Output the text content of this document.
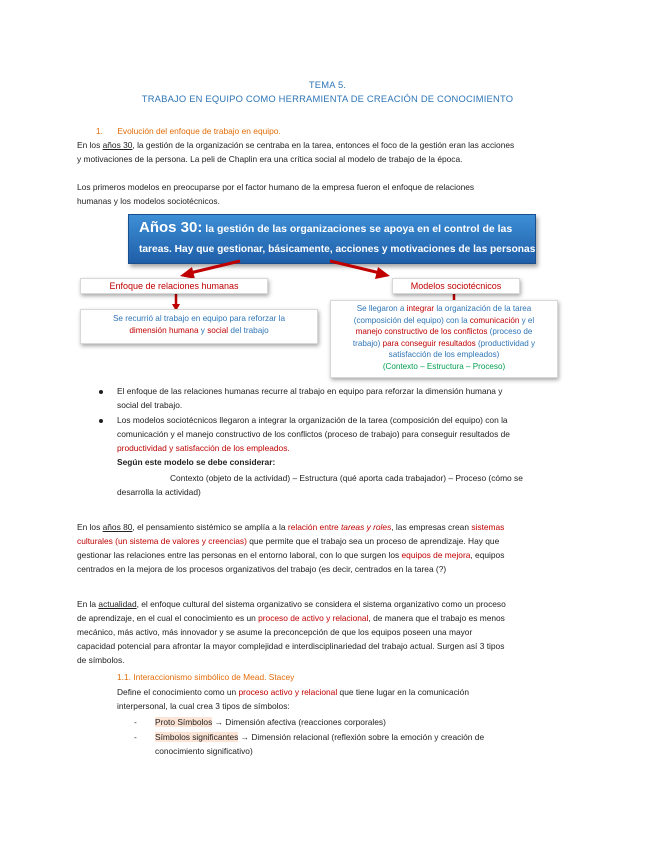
TEMA 5.
TRABAJO EN EQUIPO COMO HERRAMIENTA DE CREACIÓN DE CONOCIMIENTO
1. Evolución del enfoque de trabajo en equipo.
En los años 30, la gestión de la organización se centraba en la tarea, entonces el foco de la gestión eran las acciones
y motivaciones de la persona. La peli de Chaplin era una crítica social al modelo de trabajo de la época.
Los primeros modelos en preocuparse por el factor humano de la empresa fueron el enfoque de relaciones
humanas y los modelos sociotécnicos.
Años 30: la gestión de las organizaciones se apoya en el control de las
tareas. Hay que gestionar, básicamente, acciones y motivaciones de las personas
Enfoque de relaciones humanas	Modelos sociotécnicos
Se recurrió al trabajo en equipo para reforzar la
dimensión humana y social del trabajo
Se llegaron a integrar la organización de la tarea
(composición del equipo) con la comunicación y el
manejo constructivo de los conflictos (proceso de
trabajo) para conseguir resultados (productividad y
satisfacción de los empleados)
(Contexto – Estructura – Proceso)
El enfoque de las relaciones humanas recurre al trabajo en equipo para reforzar la dimensión humana y
social del trabajo.
Los modelos sociotécnicos llegaron a integrar la organización de la tarea (composición del equipo) con la
comunicación y el manejo constructivo de los conflictos (proceso de trabajo) para conseguir resultados de
productividad y satisfacción de los empleados.
Según este modelo se debe considerar:
Contexto (objeto de la actividad) – Estructura (qué aporta cada trabajador) – Proceso (cómo se
desarrolla la actividad)
En los años 80, el pensamiento sistémico se amplía a la relación entre tareas y roles, las empresas crean sistemas
culturales (un sistema de valores y creencias) que permite que el trabajo sea un proceso de aprendizaje. Hay que
gestionar las relaciones entre las personas en el entorno laboral, con lo que surgen los equipos de mejora, equipos
centrados en la mejora de los procesos organizativos del trabajo (es decir, centrados en la tarea (?)
En la actualidad, el enfoque cultural del sistema organizativo se considera el sistema organizativo como un proceso
de aprendizaje, en el cual el conocimiento es un proceso de activo y relacional, de manera que el trabajo es menos
mecánico, más activo, más innovador y se asume la preconcepción de que los equipos poseen una mayor
capacidad potencial para afrontar la mayor complejidad e interdisciplinariedad del trabajo actual. Surgen así 3 tipos
de símbolos.
1.1. Interaccionismo simbólico de Mead. Stacey
Define el conocimiento como un proceso activo y relacional que tiene lugar en la comunicación
interpersonal, la cual crea 3 tipos de símbolos:
- Proto Símbolos → Dimensión afectiva (reacciones corporales)
- Símbolos significantes → Dimensión relacional (reflexión sobre la emoción y creación de
conocimiento significativo)
